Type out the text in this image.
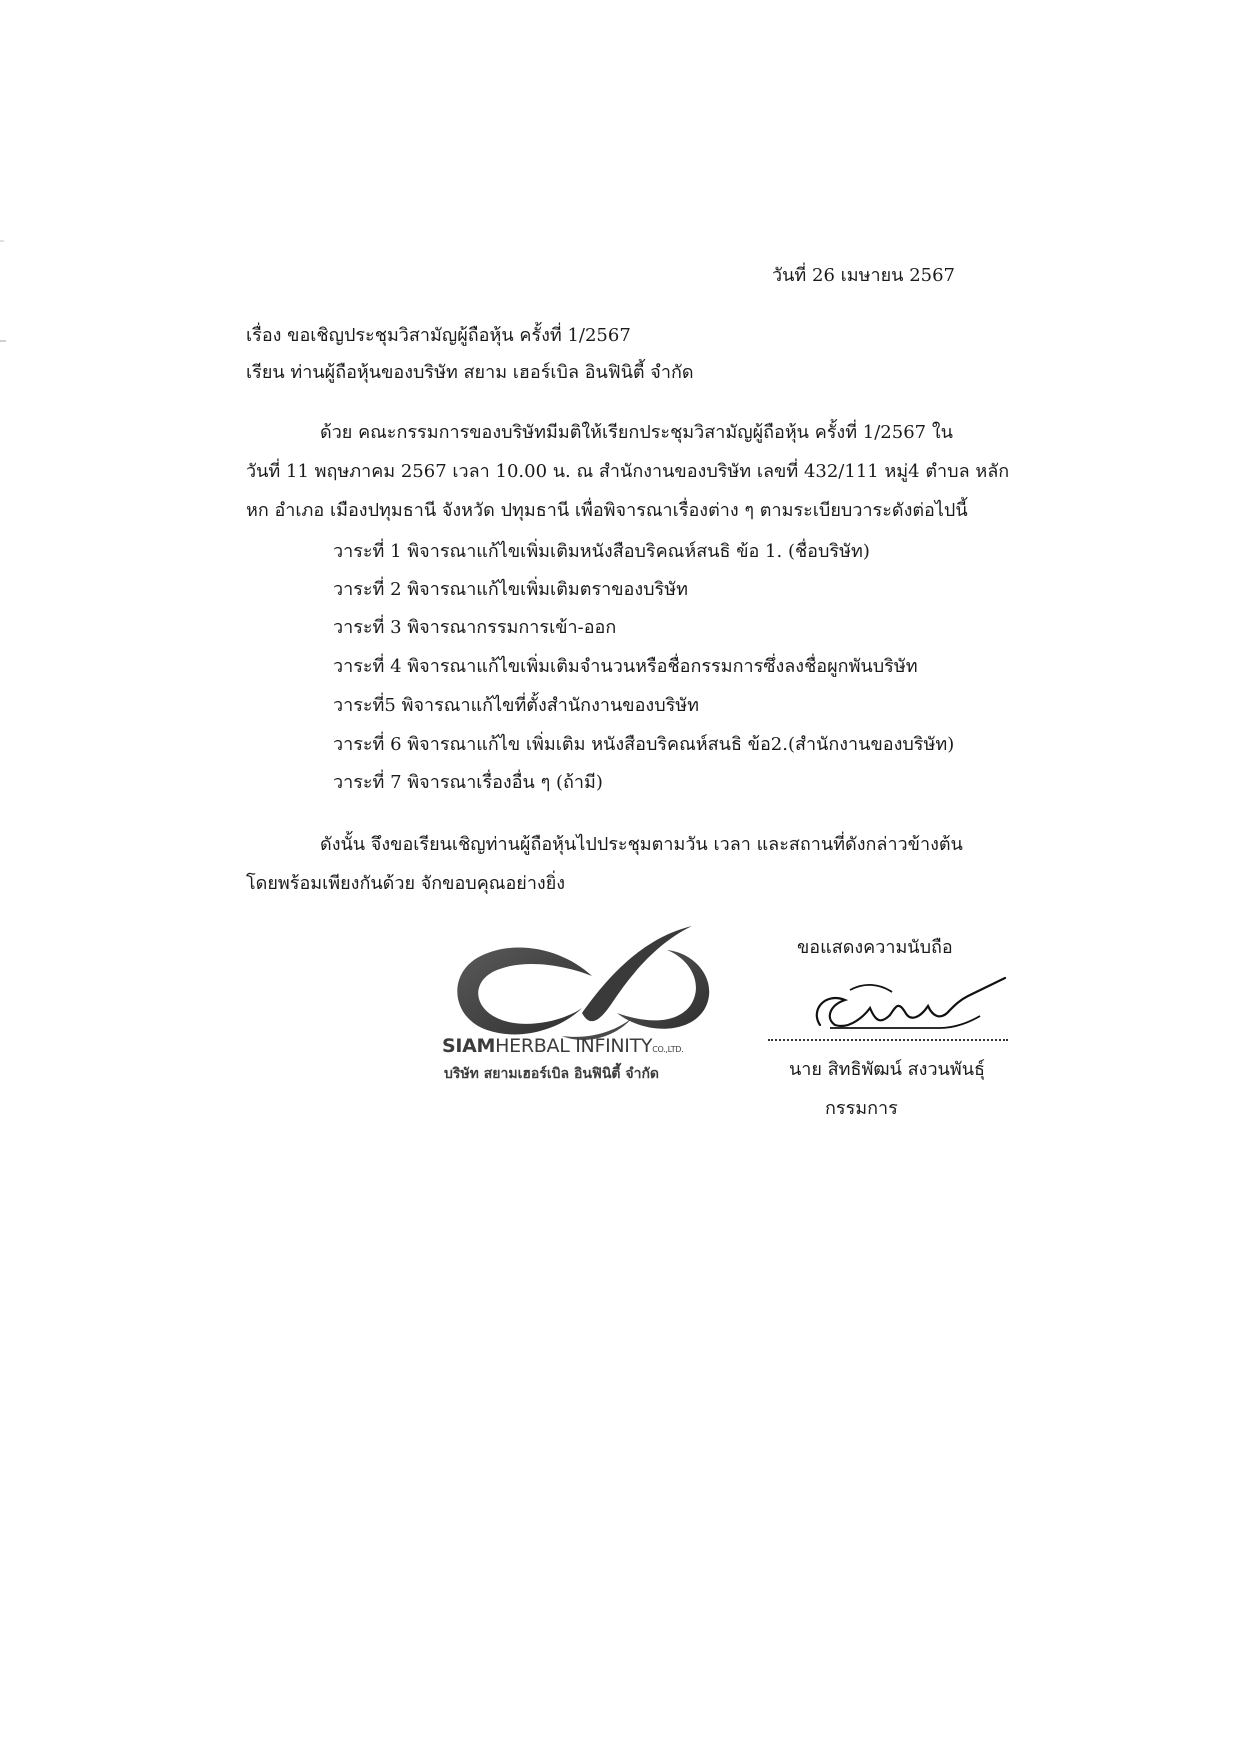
วันที่ 26 เมษายน 2567
เรื่อง ขอเชิญประชุมวิสามัญผู้ถือหุ้น ครั้งที่ 1/2567
เรียน ท่านผู้ถือหุ้นของบริษัท สยาม เฮอร์เบิล อินฟินิตี้ จำกัด
ด้วย คณะกรรมการของบริษัทมีมติให้เรียกประชุมวิสามัญผู้ถือหุ้น ครั้งที่ 1/2567 ใน
วันที่ 11 พฤษภาคม 2567 เวลา 10.00 น. ณ สำนักงานของบริษัท เลขที่ 432/111 หมู่4 ตำบล หลัก
หก อำเภอ เมืองปทุมธานี จังหวัด ปทุมธานี เพื่อพิจารณาเรื่องต่าง ๆ ตามระเบียบวาระดังต่อไปนี้
วาระที่ 1 พิจารณาแก้ไขเพิ่มเติมหนังสือบริคณห์สนธิ ข้อ 1. (ชื่อบริษัท)
วาระที่ 2 พิจารณาแก้ไขเพิ่มเติมตราของบริษัท
วาระที่ 3 พิจารณากรรมการเข้า-ออก
วาระที่ 4 พิจารณาแก้ไขเพิ่มเติมจำนวนหรือชื่อกรรมการซึ่งลงชื่อผูกพันบริษัท
วาระที่5 พิจารณาแก้ไขที่ตั้งสำนักงานของบริษัท
วาระที่ 6 พิจารณาแก้ไข เพิ่มเติม หนังสือบริคณห์สนธิ ข้อ2.(สำนักงานของบริษัท)
วาระที่ 7 พิจารณาเรื่องอื่น ๆ (ถ้ามี)
ดังนั้น จึงขอเรียนเชิญท่านผู้ถือหุ้นไปประชุมตามวัน เวลา และสถานที่ดังกล่าวข้างต้น
โดยพร้อมเพียงกันด้วย จักขอบคุณอย่างยิ่ง
SIAMHERBAL INFINITYCO.,LTD.
บริษัท สยามเฮอร์เบิล อินฟินิตี้ จำกัด
ขอแสดงความนับถือ
นาย สิทธิพัฒน์ สงวนพันธุ์
กรรมการ
